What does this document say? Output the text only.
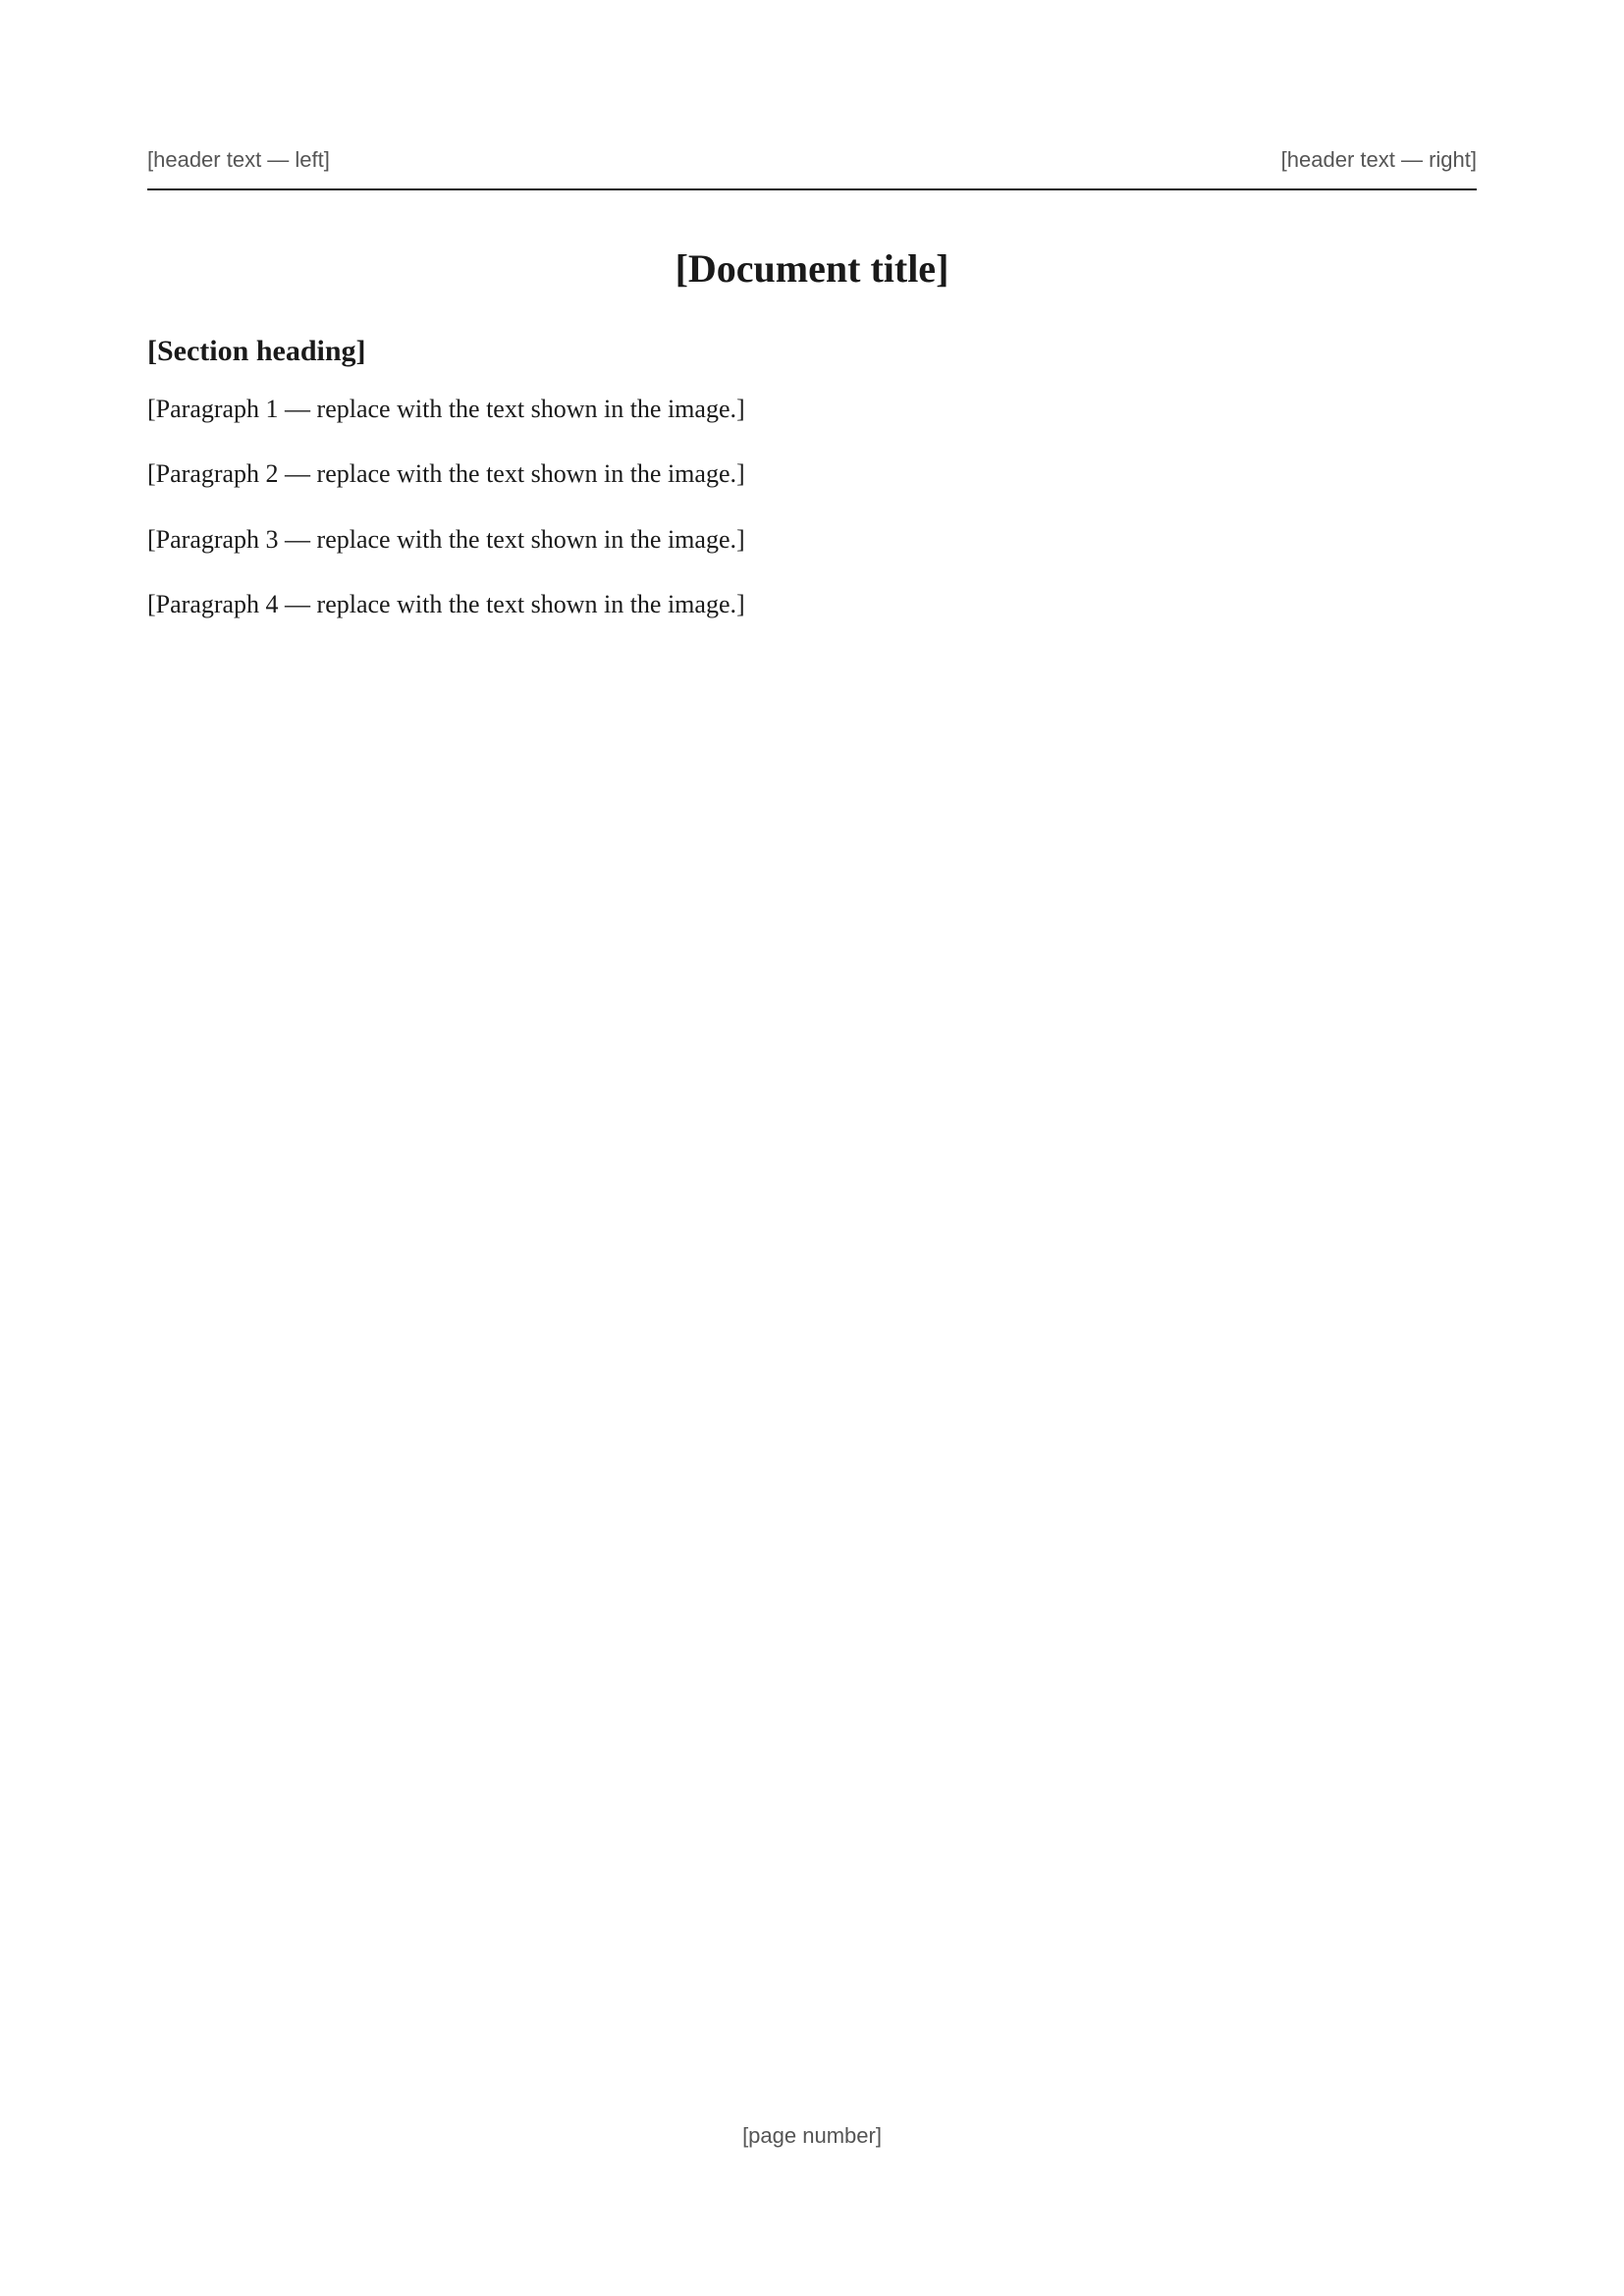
[header text — left]	[header text — right]
[Document title]
[Section heading]

[Paragraph 1 — replace with the text shown in the image.]

[Paragraph 2 — replace with the text shown in the image.]

[Paragraph 3 — replace with the text shown in the image.]

[Paragraph 4 — replace with the text shown in the image.]

[page number]
